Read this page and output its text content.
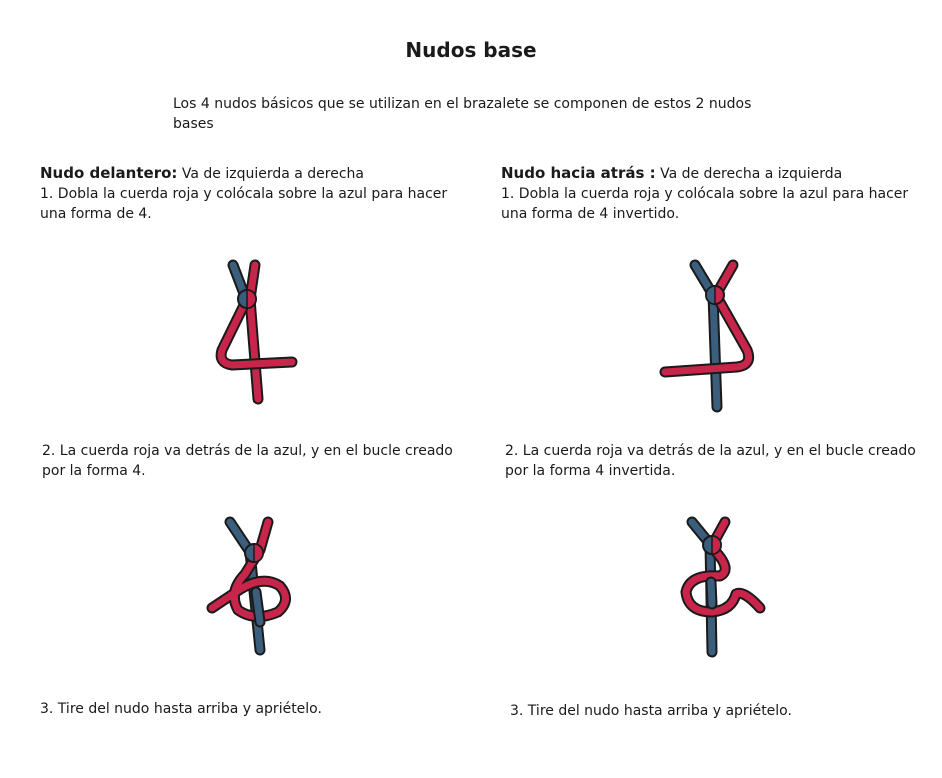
Nudos base
Los 4 nudos básicos que se utilizan en el brazalete se componen de estos 2 nudos bases
Nudo delantero: Va de izquierda a derecha
1. Dobla la cuerda roja y colócala sobre la azul para hacer una forma de 4.
2. La cuerda roja va detrás de la azul, y en el bucle creado por la forma 4.
3. Tire del nudo hasta arriba y apriételo.
Nudo hacia atrás : Va de derecha a izquierda
1. Dobla la cuerda roja y colócala sobre la azul para hacer una forma de 4 invertido.
2. La cuerda roja va detrás de la azul, y en el bucle creado por la forma 4 invertida.
3. Tire del nudo hasta arriba y apriételo.
